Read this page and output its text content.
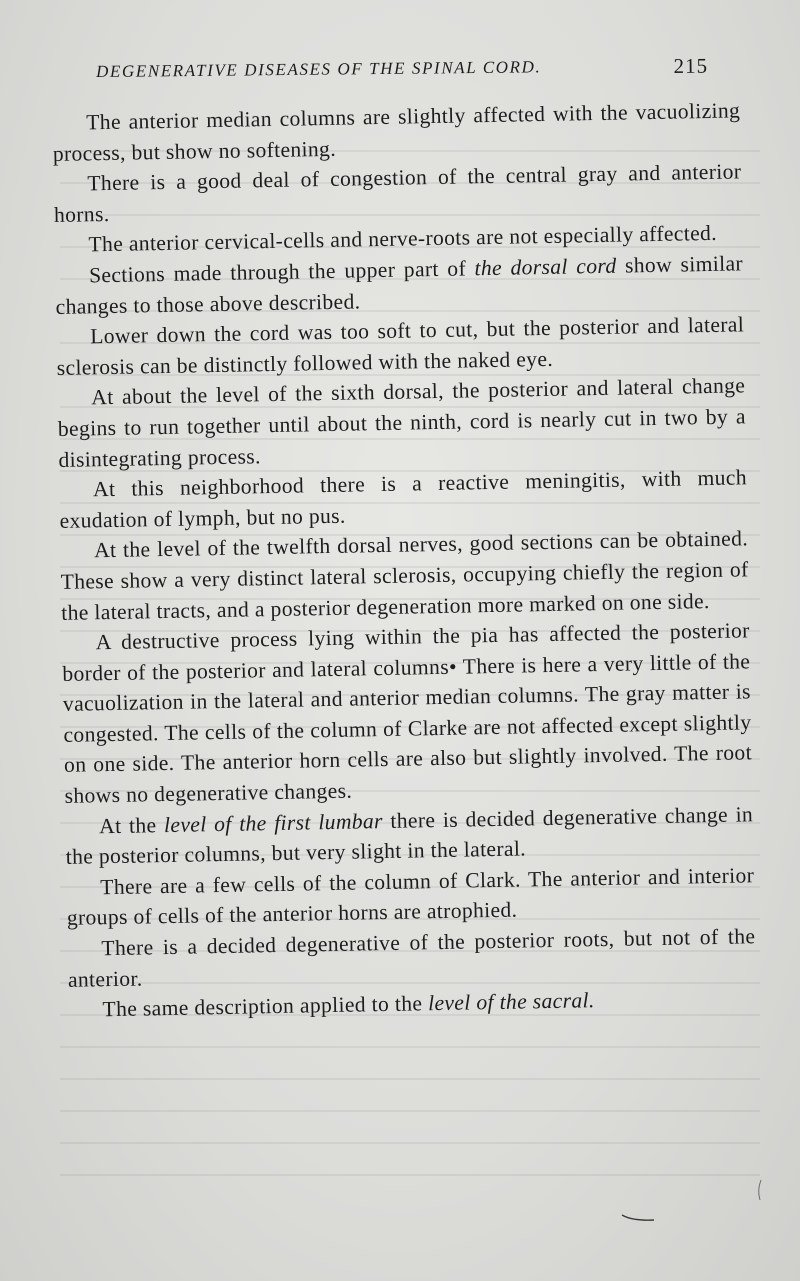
DEGENERATIVE DISEASES OF THE SPINAL CORD.	215

The anterior median columns are slightly affected with the vacuolizing process, but show no softening.

There is a good deal of congestion of the central gray and anterior horns.

The anterior cervical-cells and nerve-roots are not especially affected.

Sections made through the upper part of the dorsal cord show similar changes to those above described.

Lower down the cord was too soft to cut, but the posterior and lateral sclerosis can be distinctly followed with the naked eye.

At about the level of the sixth dorsal, the posterior and lateral change begins to run together until about the ninth, cord is nearly cut in two by a disintegrating process.

At this neighborhood there is a reactive meningitis, with much exudation of lymph, but no pus.

At the level of the twelfth dorsal nerves, good sections can be obtained. These show a very distinct lateral sclerosis, occupying chiefly the region of the lateral tracts, and a posterior degeneration more marked on one side.

A destructive process lying within the pia has affected the posterior border of the posterior and lateral columns• There is here a very little of the vacuolization in the lateral and anterior median columns. The gray matter is congested. The cells of the column of Clarke are not affected except slightly on one side. The anterior horn cells are also but slightly involved. The root shows no degenerative changes.

At the level of the first lumbar there is decided degenerative change in the posterior columns, but very slight in the lateral.

There are a few cells of the column of Clark. The anterior and interior groups of cells of the anterior horns are atrophied.

There is a decided degenerative of the posterior roots, but not of the anterior.

The same description applied to the level of the sacral.
